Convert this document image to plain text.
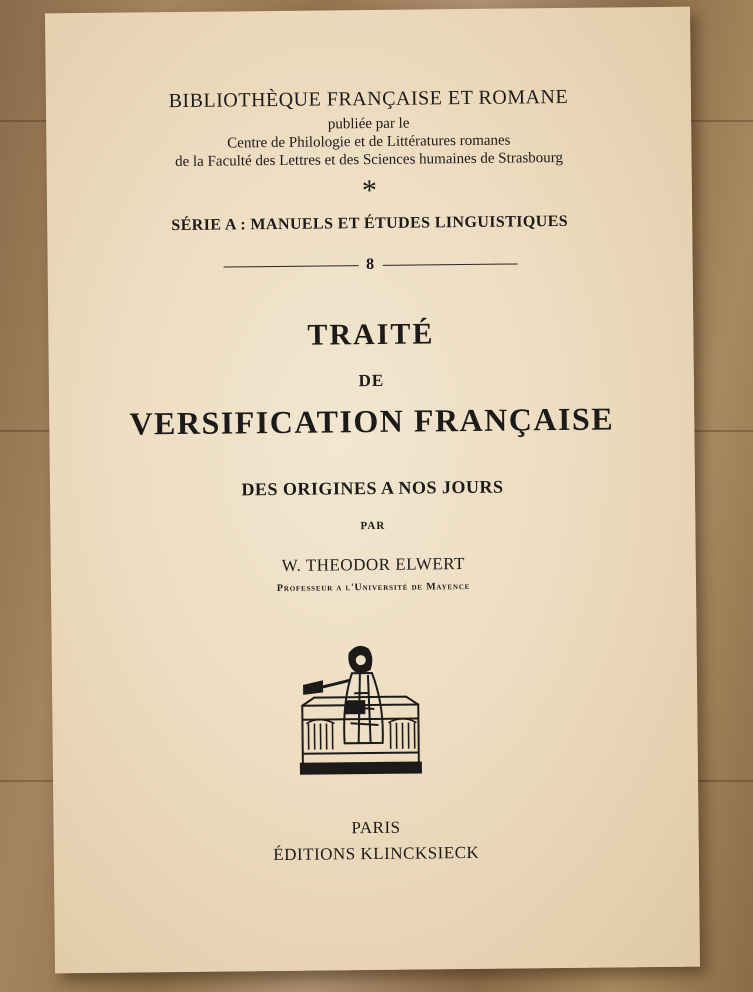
BIBLIOTHÈQUE FRANÇAISE ET ROMANE
publiée par le
Centre de Philologie et de Littératures romanes
de la Faculté des Lettres et des Sciences humaines de Strasbourg
*
SÉRIE A : MANUELS ET ÉTUDES LINGUISTIQUES
8
TRAITÉ
DE
VERSIFICATION FRANÇAISE
DES ORIGINES A NOS JOURS
PAR
W. THEODOR ELWERT
Professeur a l'Université de Mayence
PARIS
ÉDITIONS KLINCKSIECK
